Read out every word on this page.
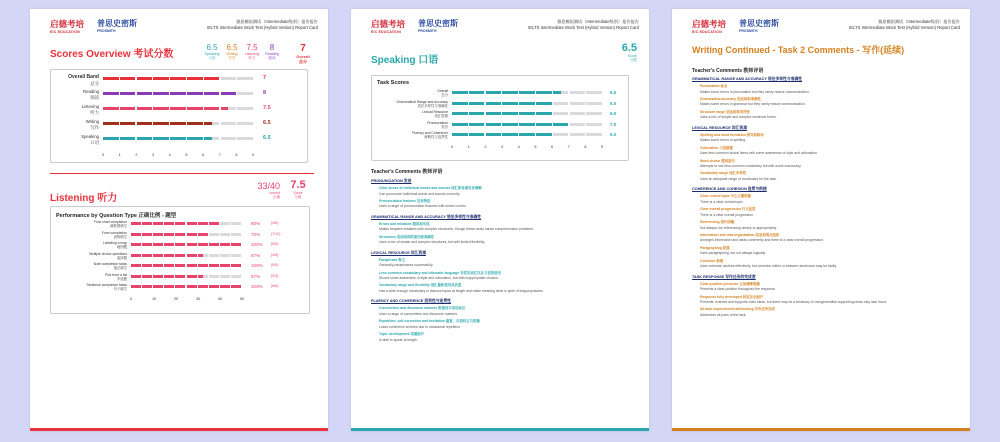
启德考培
EIC EDUCATION
普思史密斯
PROSMITH
雅思模拟测试（Intermediate级别）报告报告
IELTS Intermediate Mock Test (Hybrid Version) Report Card
Scores Overview 考试分数
6.5
Speaking
口语
6.5
Writing
写作
7.5
Listening
听力
8
Reading
阅读
7
Overall
总分
Overall Band
总分
7
Reading
阅读
8
Listening
听力
7.5
Writing
写作
6.5
Speaking
口语
6.5
0	1	2	3	4	5	6	7	8	9
Listening 听力
33/40
correct
正确
7.5
Score
分数
Performance by Question Type 正确比例 - 题型
Flow chart completion
流程图填空
80%	(4/5)
Form completion
表格填空
70%	(7/10)
Labelling a map
地图题
100% (5/5)
Multiple choice questions
选择题
67%	(4/6)
Note completion tasks
笔记填空
100% (5/5)
Pick from a list
多选题
67%	(2/3)
Sentence completion tasks
句子填空
100% (6/6)
0	10	20	30	40	50
启德考培
EIC EDUCATION
普思史密斯
PROSMITH
雅思模拟测试（Intermediate级别）报告报告
IELTS Intermediate Mock Test (Hybrid Version) Report Card
Speaking 口语
6.5
Score
分数
Task Scores
Overall
总分
6.5
Grammatical Range and Accuracy
语法多样性与准确性
6.0
Lexical Resource
词汇资源
6.0
Pronunciation
发音
7.0
Fluency and Coherence
流利性与连贯性
6.0
0	1	2	3	4	5	6	7	8	9
Teacher's Comments 教师评语
PRONUNCIATION 发音
Clear stress of individual words and sounds 词汇和音素发音清晰
Can pronounce individual words and sounds correctly.
Pronunciation features 发音特征
Uses a range of pronunciation features with mixed control.
GRAMMATICAL RANGE AND ACCURACY 语法多样性与准确性
Errors and mistakes 错误和失误
Makes frequent mistakes with complex structures, though these rarely cause comprehension problems.
Structures 语法结构的使用和准确性
Uses a mix of simple and complex structures, but with limited flexibility.
LEXICAL RESOURCE 词汇资源
Paraphrase 释义
Generally paraphrases successfully.
Less common vocabulary and idiomatic language 非常见词汇以及习语的使用
Shows some awareness of style and collocation, but with inappropriate choices.
Vocabulary range and flexibility 词汇量和使用灵活度
Has a wide enough vocabulary to discuss topics at length and make meaning clear in spite of inappropriacies.
FLUENCY AND COHERENCE 流利性与连贯性
Connectives and discourse markers 衔接词与话语标记
Uses a range of connectives and discourse markers.
Repetition, self-correction and hesitation 重复、自我纠正与犹豫
Loses coherence at times due to occasional repetition.
Topic development 话题展开
Is able to speak at length.
启德考培
EIC EDUCATION
普思史密斯
PROSMITH
雅思模拟测试（Intermediate级别）报告报告
IELTS Intermediate Mock Test (Hybrid Version) Report Card
Writing Continued - Task 2 Comments - 写作(延续)
Teacher's Comments 教师评语
GRAMMATICAL RANGE AND ACCURACY 语法多样性与准确性
Punctuation 标点
Makes some errors in punctuation but they rarely reduce communication.
Grammatical accuracy 语法结构准确性
Makes some errors in grammar but they rarely reduce communication.
Structure range 语法结构多样性
Uses a mix of simple and complex sentence forms.
LEXICAL RESOURCE 词汇资源
Spelling and word formation 拼写和构词
Makes some errors in spelling.
Collocation 习语搭配
Uses less common lexical items with some awareness of style and collocation.
Word choice 遣词造句
Attempts to use less common vocabulary but with some inaccuracy.
Vocabulary range 词汇多样性
Uses an adequate range of vocabulary for the task.
COHERENCE AND COHESION 连贯与衔接
Clear central topic 中心主题明确
There is a clear central topic.
Clear overall progression 行文连贯
There is a clear overall progression.
Referencing 指代明确
Not always use referencing clearly or appropriately.
Information and idea organisation 信息和观点组织
Arranges information and ideas coherently and there is a clear overall progression.
Paragraphing 段落
Uses paragraphing, but not always logically.
Cohesion 衔接
Uses cohesive devices effectively, but cohesion within or between sentences may be faulty.
TASK RESPONSE 写作任务的完成度
Clear position presence 立场清晰明确
Presents a clear position throughout the response.
Response fully developed 回应完全展开
Presents, extends and supports main ideas, but there may be a tendency to overgeneralise supporting ideas may lack focus.
All task requirements addressing 写作任务完成
Addresses all parts of the task.
